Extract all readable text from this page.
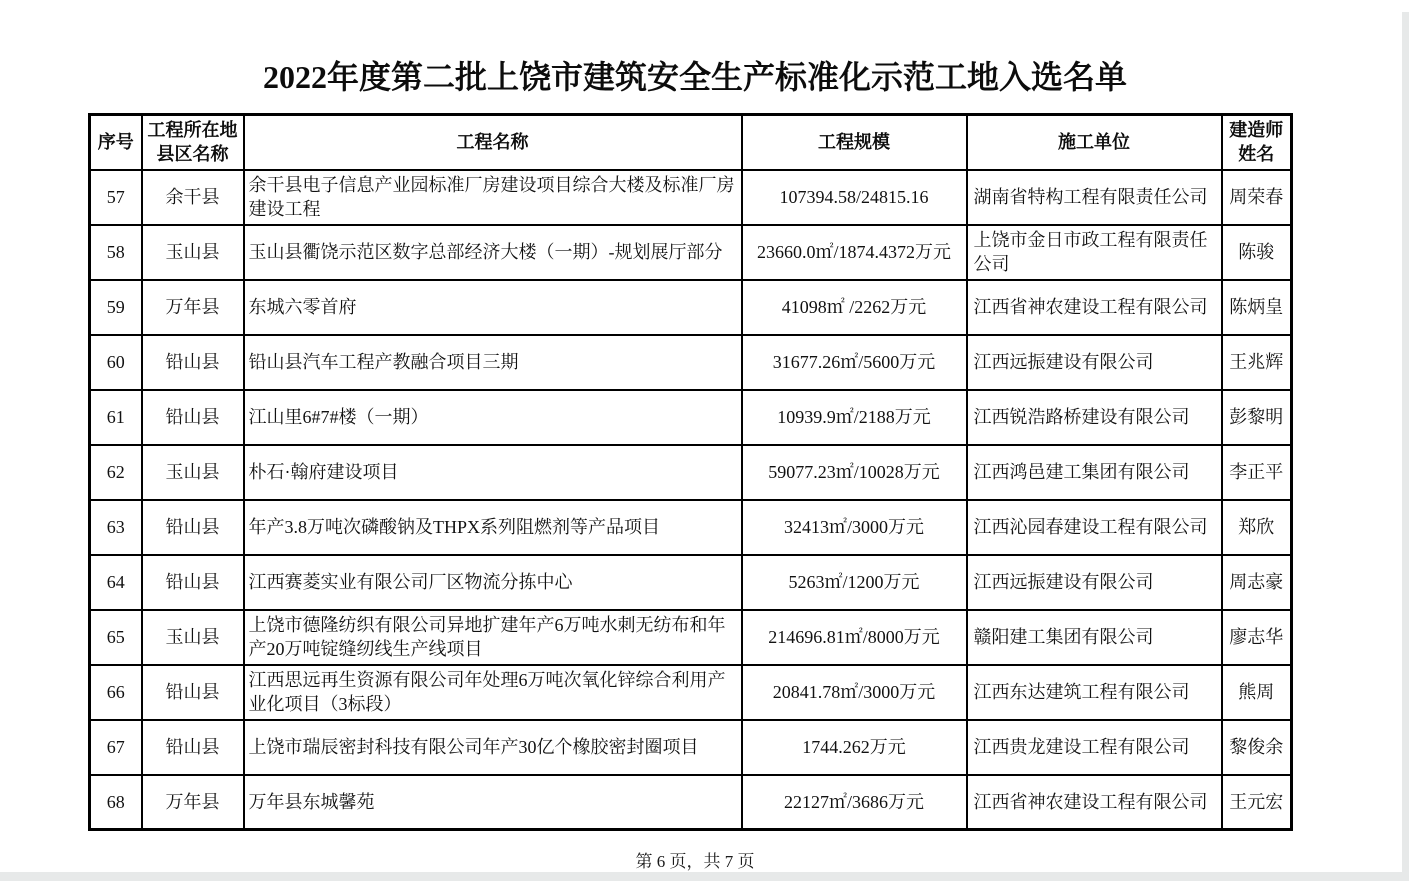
2022年度第二批上饶市建筑安全生产标准化示范工地入选名单
序号	工程所在地县区名称	工程名称	工程规模	施工单位	建造师姓名
57	余干县	余干县电子信息产业园标准厂房建设项目综合大楼及标准厂房建设工程	107394.58/24815.16	湖南省特构工程有限责任公司	周荣春
58	玉山县	玉山县衢饶示范区数字总部经济大楼（一期）-规划展厅部分	23660.0㎡/1874.4372万元	上饶市金日市政工程有限责任公司	陈骏
59	万年县	东城六零首府	41098㎡ /2262万元	江西省神农建设工程有限公司	陈炳皇
60	铅山县	铅山县汽车工程产教融合项目三期	31677.26㎡/5600万元	江西远振建设有限公司	王兆辉
61	铅山县	江山里6#7#楼（一期）	10939.9㎡/2188万元	江西锐浩路桥建设有限公司	彭黎明
62	玉山县	朴石·翰府建设项目	59077.23㎡/10028万元	江西鸿邑建工集团有限公司	李正平
63	铅山县	年产3.8万吨次磷酸钠及THPX系列阻燃剂等产品项目	32413㎡/3000万元	江西沁园春建设工程有限公司	郑欣
64	铅山县	江西赛菱实业有限公司厂区物流分拣中心	5263㎡/1200万元	江西远振建设有限公司	周志豪
65	玉山县	上饶市德隆纺织有限公司异地扩建年产6万吨水刺无纺布和年产20万吨锭缝纫线生产线项目	214696.81㎡/8000万元	赣阳建工集团有限公司	廖志华
66	铅山县	江西思远再生资源有限公司年处理6万吨次氧化锌综合利用产业化项目（3标段）	20841.78㎡/3000万元	江西东达建筑工程有限公司	熊周
67	铅山县	上饶市瑞辰密封科技有限公司年产30亿个橡胶密封圈项目	1744.262万元	江西贵龙建设工程有限公司	黎俊余
68	万年县	万年县东城馨苑	22127㎡/3686万元	江西省神农建设工程有限公司	王元宏
第 6 页，共 7 页
